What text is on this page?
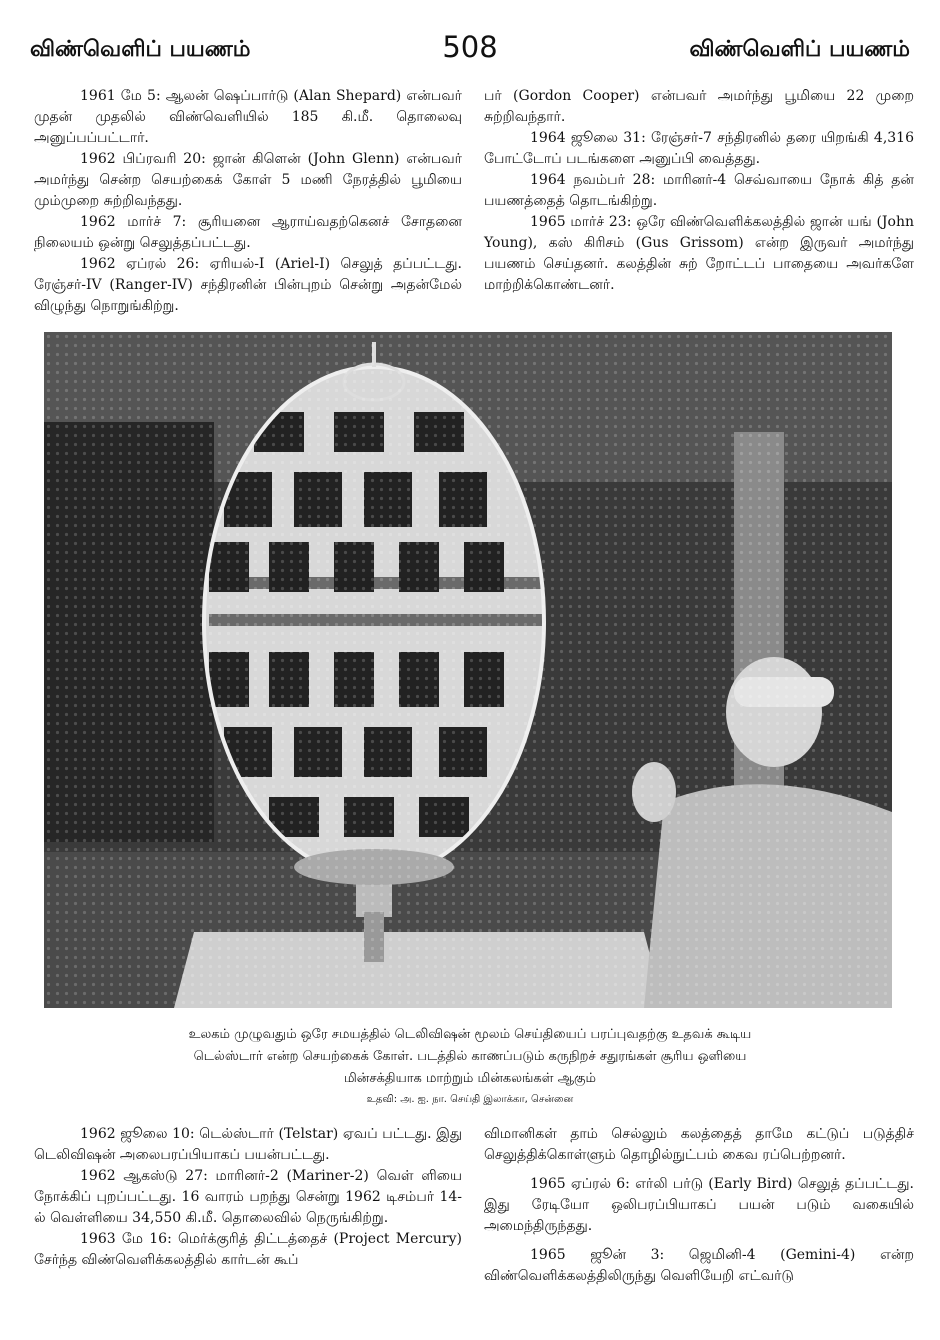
விண்வெளிப் பயணம்	508	விண்வெளிப் பயணம்

1961 மே 5: ஆலன் ஷெப்பார்டு (Alan Shepard) என்பவர் முதன் முதலில் விண்வெளியில் 185 கி.மீ. தொலைவு அனுப்பப்பட்டார்.

1962 பிப்ரவரி 20: ஜான் கிளென் (John Glenn) என்பவர் அமர்ந்து சென்ற செயற்கைக் கோள் 5 மணி நேரத்தில் பூமியை மும்முறை சுற்றிவந்தது.

1962 மார்ச் 7: சூரியனை ஆராய்வதற்கெனச் சோதனை நிலையம் ஒன்று செலுத்தப்பட்டது.

1962 ஏப்ரல் 26: ஏரியல்-I (Ariel-I) செலுத் தப்பட்டது. ரேஞ்சர்-IV (Ranger-IV) சந்திரனின் பின்புறம் சென்று அதன்மேல் விழுந்து நொறுங்கிற்று.

பர் (Gordon Cooper) என்பவர் அமர்ந்து பூமியை 22 முறை சுற்றிவந்தார்.

1964 ஜூலை 31: ரேஞ்சர்-7 சந்திரனில் தரை யிறங்கி 4,316 போட்டோப் படங்களை அனுப்பி வைத்தது.

1964 நவம்பர் 28: மாரினர்-4 செவ்வாயை நோக் கித் தன் பயணத்தைத் தொடங்கிற்று.

1965 மார்ச் 23: ஒரே விண்வெளிக்கலத்தில் ஜான் யங் (John Young), கஸ் கிரிசம் (Gus Grissom) என்ற இருவர் அமர்ந்து பயணம் செய்தனர். கலத்தின் சுற் றோட்டப் பாதையை அவர்களே மாற்றிக்கொண்டனர்.

உலகம் முழுவதும் ஒரே சமயத்தில் டெலிவிஷன் மூலம் செய்தியைப் பரப்புவதற்கு உதவக் கூடிய
டெல்ஸ்டார் என்ற செயற்கைக் கோள். படத்தில் காணப்படும் கருநிறச் சதுரங்கள் சூரிய ஒளியை
மின்சக்தியாக மாற்றும் மின்கலங்கள் ஆகும்
உதவி: அ. ஐ. நா. செய்தி இலாக்கா, சென்னை

1962 ஜூலை 10: டெல்ஸ்டார் (Telstar) ஏவப் பட்டது. இது டெலிவிஷன் அலைபரப்பியாகப் பயன்பட்டது.

1962 ஆகஸ்டு 27: மாரினர்-2 (Mariner-2) வெள் ளியை நோக்கிப் புறப்பட்டது. 16 வாரம் பறந்து சென்று 1962 டிசம்பர் 14-ல் வெள்ளியை 34,550 கி.மீ. தொலைவில் நெருங்கிற்று.

1963 மே 16: மெர்க்குரித் திட்டத்தைச் (Project Mercury) சேர்ந்த விண்வெளிக்கலத்தில் கார்டன் கூப்

விமானிகள் தாம் செல்லும் கலத்தைத் தாமே கட்டுப் படுத்திச் செலுத்திக்கொள்ளும் தொழில்நுட்பம் கைவ ரப்பெற்றனர்.

1965 ஏப்ரல் 6: எர்லி பர்டு (Early Bird) செலுத் தப்பட்டது. இது ரேடியோ ஒலிபரப்பியாகப் பயன் படும் வகையில் அமைந்திருந்தது.

1965 ஜூன் 3: ஜெமினி-4 (Gemini-4) என்ற விண்வெளிக்கலத்திலிருந்து வெளியேறி எட்வர்டு
